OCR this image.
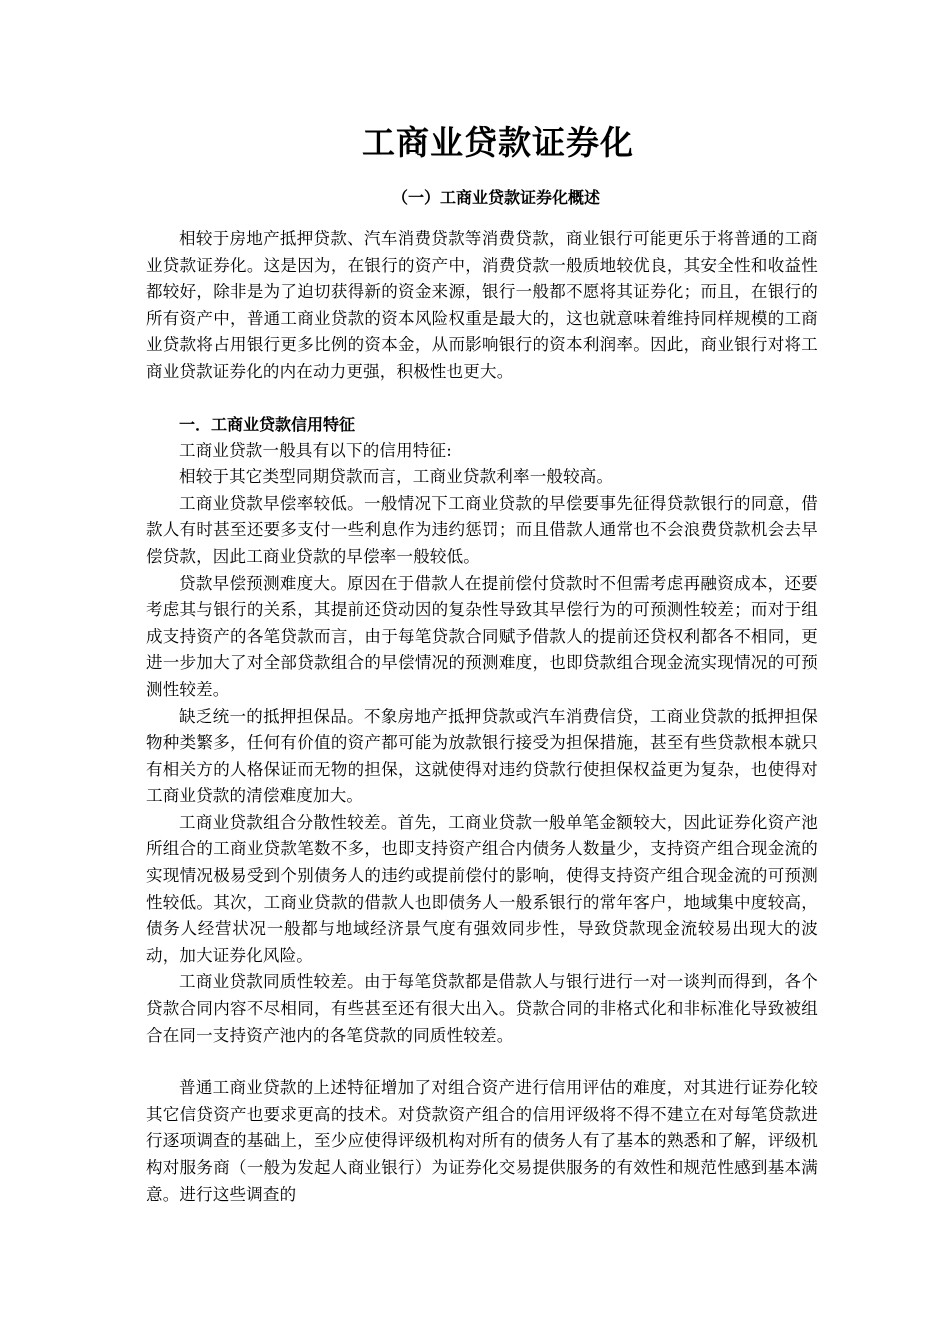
工商业贷款证券化
（一）工商业贷款证券化概述

相较于房地产抵押贷款、汽车消费贷款等消费贷款，商业银行可能更乐于将普通的工商业贷款证券化。这是因为，在银行的资产中，消费贷款一般质地较优良，其安全性和收益性都较好，除非是为了迫切获得新的资金来源，银行一般都不愿将其证券化；而且，在银行的所有资产中，普通工商业贷款的资本风险权重是最大的，这也就意味着维持同样规模的工商业贷款将占用银行更多比例的资本金，从而影响银行的资本利润率。因此，商业银行对将工商业贷款证券化的内在动力更强，积极性也更大。

一．工商业贷款信用特征

工商业贷款一般具有以下的信用特征:

相较于其它类型同期贷款而言，工商业贷款利率一般较高。

工商业贷款早偿率较低。一般情况下工商业贷款的早偿要事先征得贷款银行的同意，借款人有时甚至还要多支付一些利息作为违约惩罚；而且借款人通常也不会浪费贷款机会去早偿贷款，因此工商业贷款的早偿率一般较低。

贷款早偿预测难度大。原因在于借款人在提前偿付贷款时不但需考虑再融资成本，还要考虑其与银行的关系，其提前还贷动因的复杂性导致其早偿行为的可预测性较差；而对于组成支持资产的各笔贷款而言，由于每笔贷款合同赋予借款人的提前还贷权利都各不相同，更进一步加大了对全部贷款组合的早偿情况的预测难度，也即贷款组合现金流实现情况的可预测性较差。

缺乏统一的抵押担保品。不象房地产抵押贷款或汽车消费信贷，工商业贷款的抵押担保物种类繁多，任何有价值的资产都可能为放款银行接受为担保措施，甚至有些贷款根本就只有相关方的人格保证而无物的担保，这就使得对违约贷款行使担保权益更为复杂，也使得对工商业贷款的清偿难度加大。

工商业贷款组合分散性较差。首先，工商业贷款一般单笔金额较大，因此证券化资产池所组合的工商业贷款笔数不多，也即支持资产组合内债务人数量少，支持资产组合现金流的实现情况极易受到个别债务人的违约或提前偿付的影响，使得支持资产组合现金流的可预测性较低。其次，工商业贷款的借款人也即债务人一般系银行的常年客户，地域集中度较高，债务人经营状况一般都与地域经济景气度有强效同步性，导致贷款现金流较易出现大的波动，加大证券化风险。

工商业贷款同质性较差。由于每笔贷款都是借款人与银行进行一对一谈判而得到，各个贷款合同内容不尽相同，有些甚至还有很大出入。贷款合同的非格式化和非标准化导致被组合在同一支持资产池内的各笔贷款的同质性较差。

普通工商业贷款的上述特征增加了对组合资产进行信用评估的难度，对其进行证券化较其它信贷资产也要求更高的技术。对贷款资产组合的信用评级将不得不建立在对每笔贷款进行逐项调查的基础上，至少应使得评级机构对所有的债务人有了基本的熟悉和了解，评级机构对服务商（一般为发起人商业银行）为证券化交易提供服务的有效性和规范性感到基本满意。进行这些调查的
